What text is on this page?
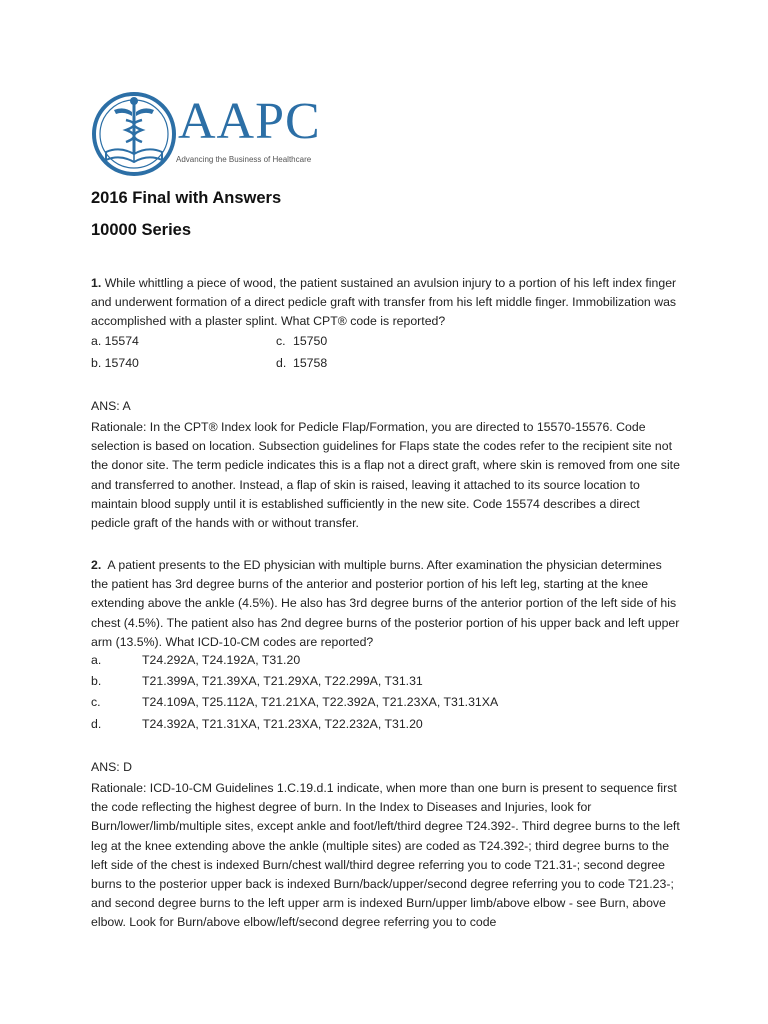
AAPC
Advancing the Business of Healthcare
2016 Final with Answers
10000 Series
1. While whittling a piece of wood, the patient sustained an avulsion injury to a portion of his left index finger and underwent formation of a direct pedicle graft with transfer from his left middle finger. Immobilization was accomplished with a plaster splint. What CPT® code is reported?
a. 15574	c. 15750
b. 15740	d. 15758
ANS: A
Rationale: In the CPT® Index look for Pedicle Flap/Formation, you are directed to 15570-15576. Code selection is based on location. Subsection guidelines for Flaps state the codes refer to the recipient site not the donor site. The term pedicle indicates this is a flap not a direct graft, where skin is removed from one site and transferred to another. Instead, a flap of skin is raised, leaving it attached to its source location to maintain blood supply until it is established sufficiently in the new site. Code 15574 describes a direct pedicle graft of the hands with or without transfer.
2. A patient presents to the ED physician with multiple burns. After examination the physician determines the patient has 3rd degree burns of the anterior and posterior portion of his left leg, starting at the knee extending above the ankle (4.5%). He also has 3rd degree burns of the anterior portion of the left side of his chest (4.5%). The patient also has 2nd degree burns of the posterior portion of his upper back and left upper arm (13.5%). What ICD-10-CM codes are reported?
a.	T24.292A, T24.192A, T31.20
b.	T21.399A, T21.39XA, T21.29XA, T22.299A, T31.31
c.	T24.109A, T25.112A, T21.21XA, T22.392A, T21.23XA, T31.31XA
d.	T24.392A, T21.31XA, T21.23XA, T22.232A, T31.20
ANS: D
Rationale: ICD-10-CM Guidelines 1.C.19.d.1 indicate, when more than one burn is present to sequence first the code reflecting the highest degree of burn. In the Index to Diseases and Injuries, look for Burn/lower/limb/multiple sites, except ankle and foot/left/third degree T24.392-. Third degree burns to the left leg at the knee extending above the ankle (multiple sites) are coded as T24.392-; third degree burns to the left side of the chest is indexed Burn/chest wall/third degree referring you to code T21.31-; second degree burns to the posterior upper back is indexed Burn/back/upper/second degree referring you to code T21.23-; and second degree burns to the left upper arm is indexed Burn/upper limb/above elbow - see Burn, above elbow. Look for Burn/above elbow/left/second degree referring you to code
